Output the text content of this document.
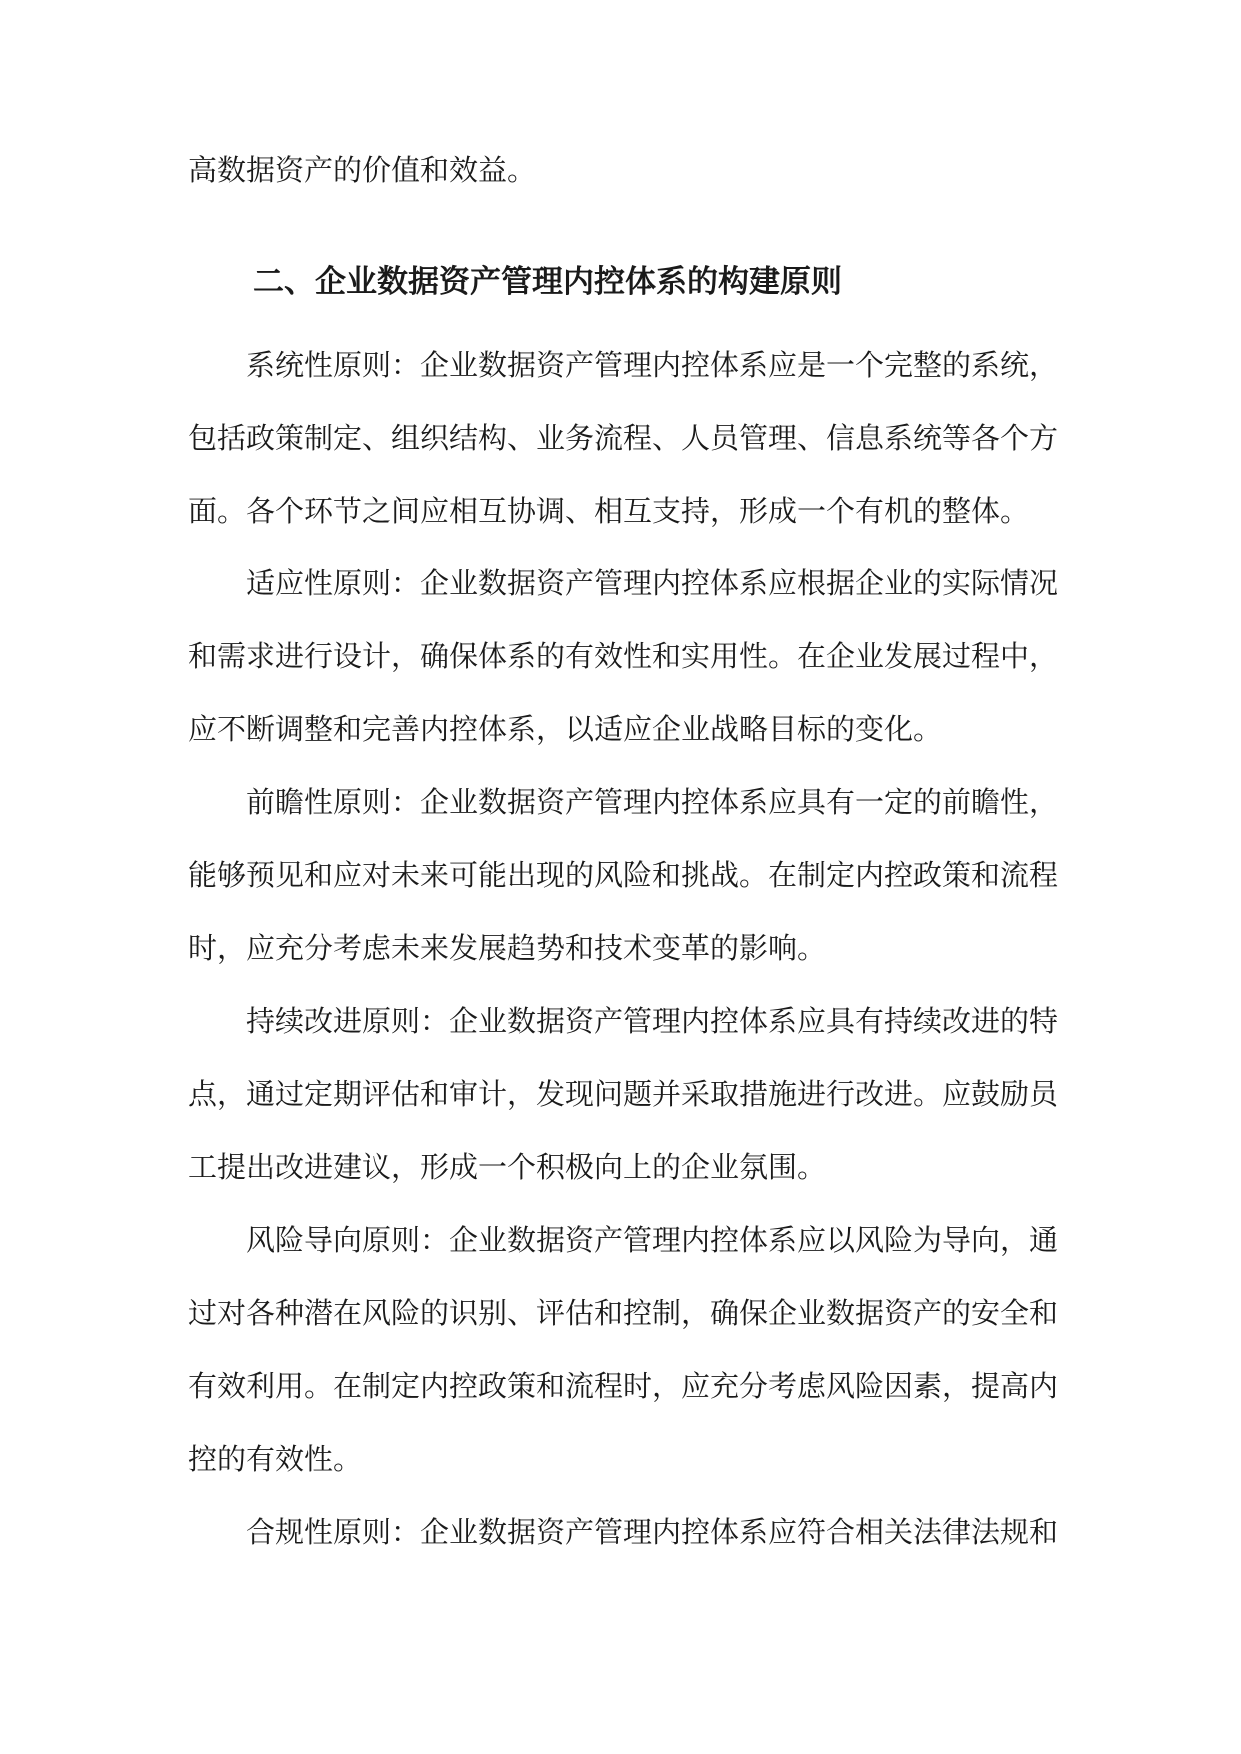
高数据资产的价值和效益。
二、企业数据资产管理内控体系的构建原则
系统性原则：企业数据资产管理内控体系应是一个完整的系统，
包括政策制定、组织结构、业务流程、人员管理、信息系统等各个方
面。各个环节之间应相互协调、相互支持，形成一个有机的整体。
适应性原则：企业数据资产管理内控体系应根据企业的实际情况
和需求进行设计，确保体系的有效性和实用性。在企业发展过程中，
应不断调整和完善内控体系，以适应企业战略目标的变化。
前瞻性原则：企业数据资产管理内控体系应具有一定的前瞻性，
能够预见和应对未来可能出现的风险和挑战。在制定内控政策和流程
时，应充分考虑未来发展趋势和技术变革的影响。
持续改进原则：企业数据资产管理内控体系应具有持续改进的特
点，通过定期评估和审计，发现问题并采取措施进行改进。应鼓励员
工提出改进建议，形成一个积极向上的企业氛围。
风险导向原则：企业数据资产管理内控体系应以风险为导向，通
过对各种潜在风险的识别、评估和控制，确保企业数据资产的安全和
有效利用。在制定内控政策和流程时，应充分考虑风险因素，提高内
控的有效性。
合规性原则：企业数据资产管理内控体系应符合相关法律法规和
